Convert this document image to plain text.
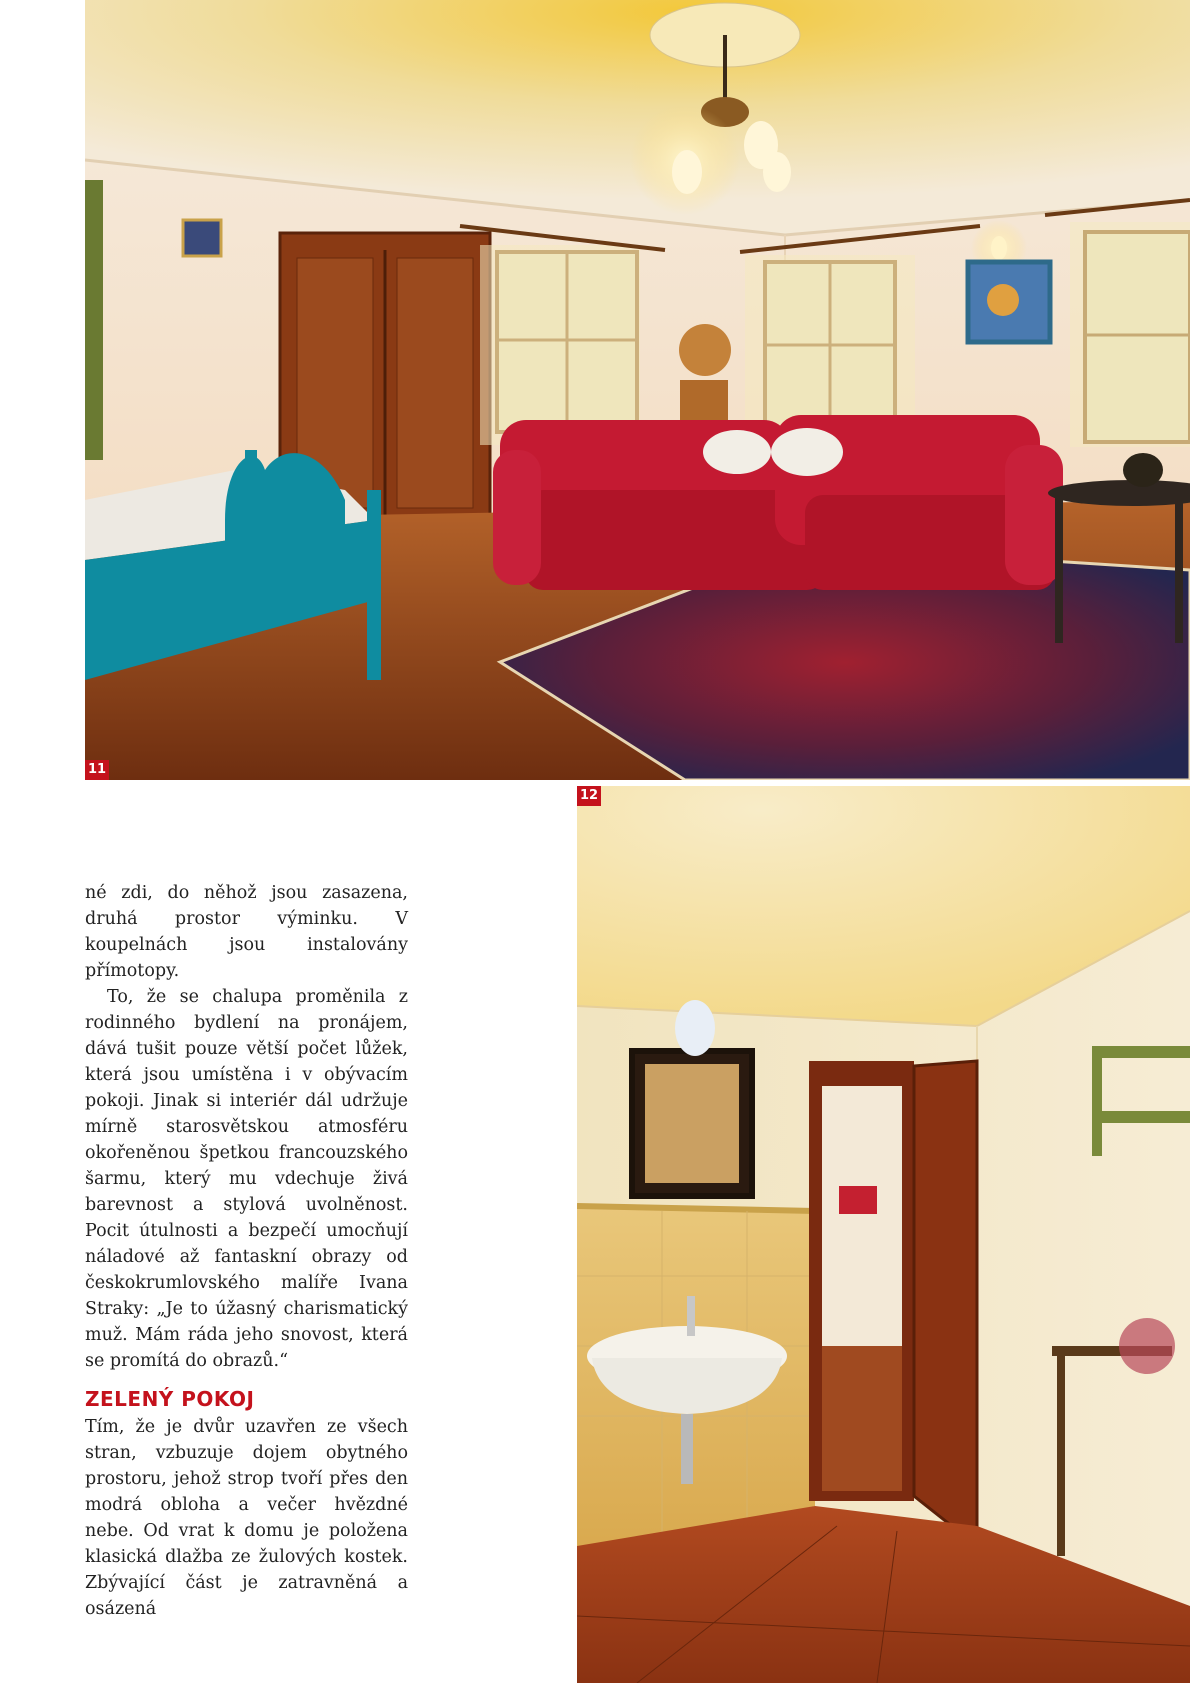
11
12

né zdi, do něhož jsou zasazena, druhá prostor výminku. V koupelnách jsou instalovány přímotopy.

To, že se chalupa proměnila z rodinného bydlení na pronájem, dává tušit pouze větší počet lůžek, která jsou umístěna i v obývacím pokoji. Jinak si interiér dál udržuje mírně starosvětskou atmosféru okořeněnou špetkou francouzského šarmu, který mu vdechuje živá barevnost a stylová uvolněnost. Pocit útulnosti a bezpečí umocňují náladové až fantaskní obrazy od českokrumlovského malíře Ivana Straky: „Je to úžasný charismatický muž. Mám ráda jeho snovost, která se promítá do obrazů.“

ZELENÝ POKOJ

Tím, že je dvůr uzavřen ze všech stran, vzbuzuje dojem obytného prostoru, jehož strop tvoří přes den modrá obloha a večer hvězdné nebe. Od vrat k domu je položena klasická dlažba ze žulových kostek. Zbývající část je zatravněná a osázená
